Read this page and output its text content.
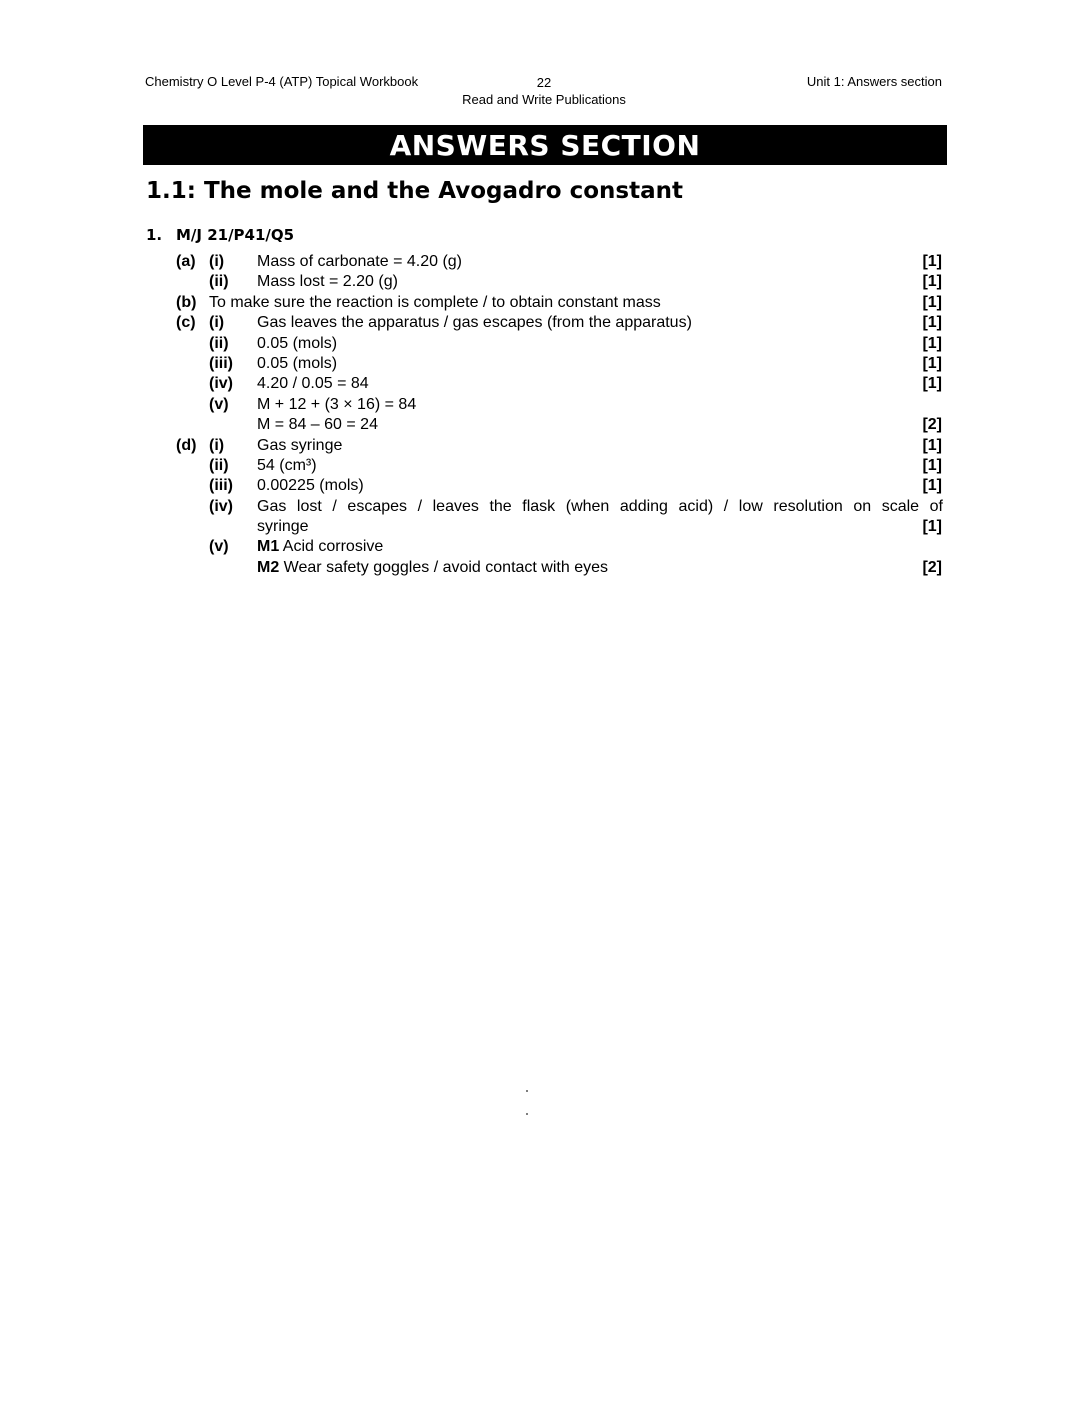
Chemistry O Level P-4 (ATP) Topical Workbook	22
Read and Write Publications
Unit 1: Answers section
ANSWERS SECTION
1.1: The mole and the Avogadro constant
1. M/J 21/P41/Q5
(a) (i) Mass of carbonate = 4.20 (g)	[1]
(ii) Mass lost = 2.20 (g)	[1]
(b) To make sure the reaction is complete / to obtain constant mass	[1]
(c) (i) Gas leaves the apparatus / gas escapes (from the apparatus)	[1]
(ii) 0.05 (mols)	[1]
(iii) 0.05 (mols)	[1]
(iv) 4.20 / 0.05 = 84	[1]
(v) M + 12 + (3 × 16) = 84
M = 84 – 60 = 24	[2]
(d) (i) Gas syringe	[1]
(ii) 54 (cm³)	[1]
(iii) 0.00225 (mols)	[1]
(iv) Gas lost / escapes / leaves the flask (when adding acid) / low resolution on scale of
syringe	[1]
(v) M1 Acid corrosive
M2 Wear safety goggles / avoid contact with eyes	[2]
